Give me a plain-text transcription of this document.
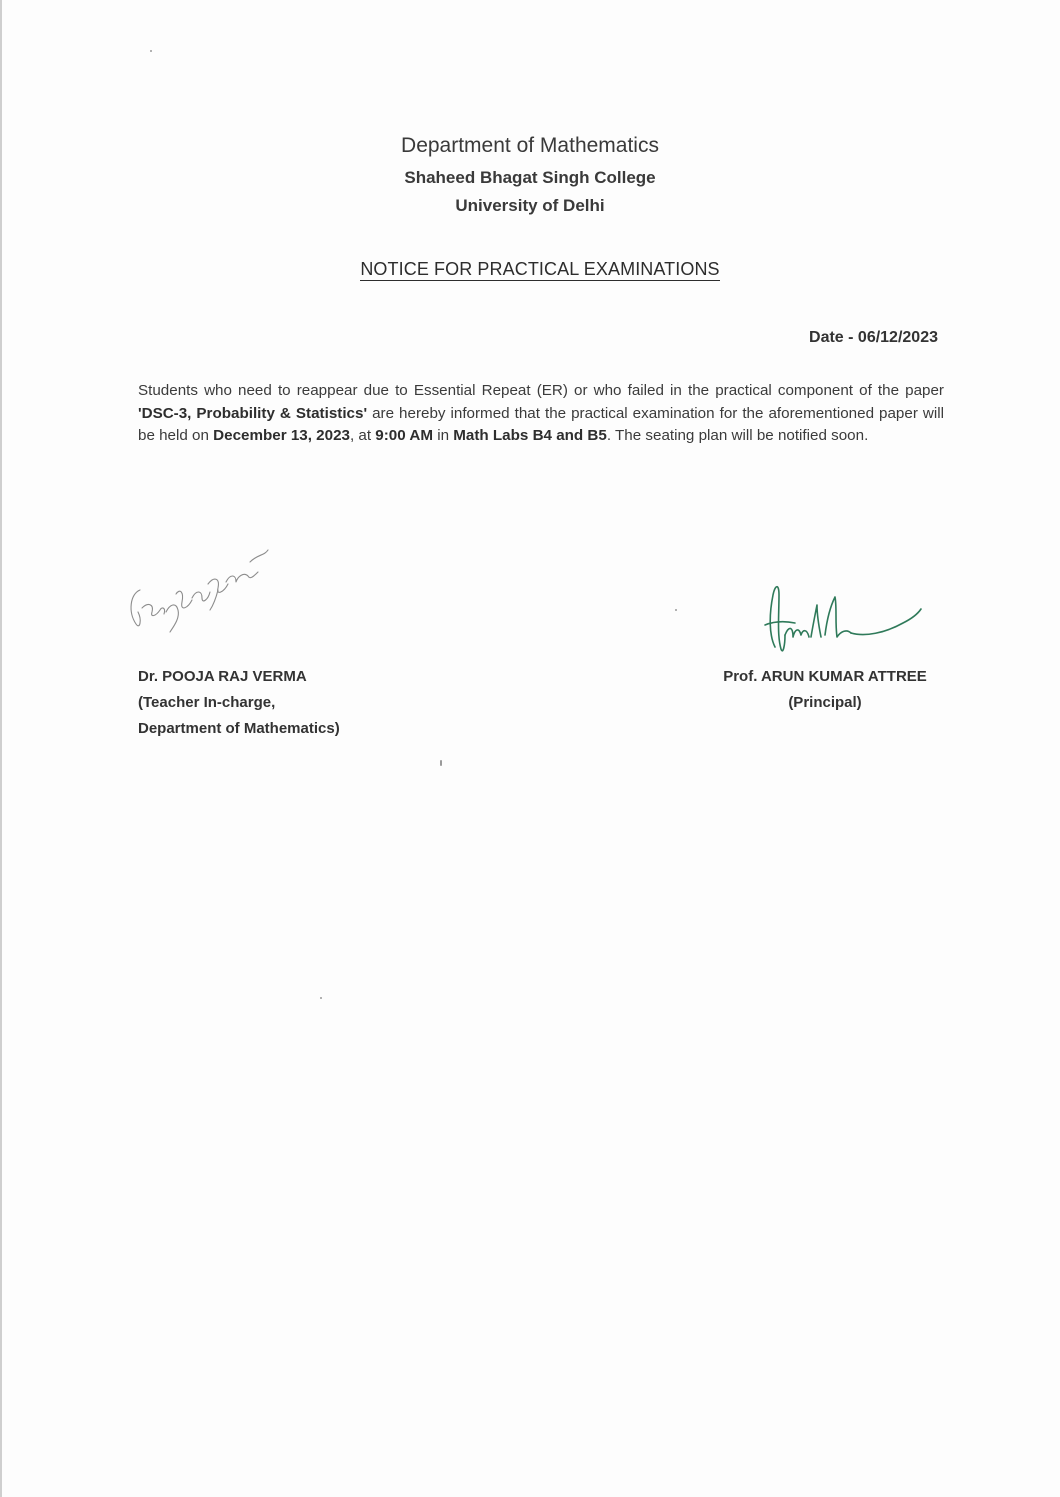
Department of Mathematics
Shaheed Bhagat Singh College
University of Delhi
NOTICE FOR PRACTICAL EXAMINATIONS
Date - 06/12/2023
Students who need to reappear due to Essential Repeat (ER) or who failed in the practical component of the paper 'DSC-3, Probability & Statistics' are hereby informed that the practical examination for the aforementioned paper will be held on December 13, 2023, at 9:00 AM in Math Labs B4 and B5. The seating plan will be notified soon.
Dr. POOJA RAJ VERMA
(Teacher In-charge,
Department of Mathematics)
Prof. ARUN KUMAR ATTREE
(Principal)
